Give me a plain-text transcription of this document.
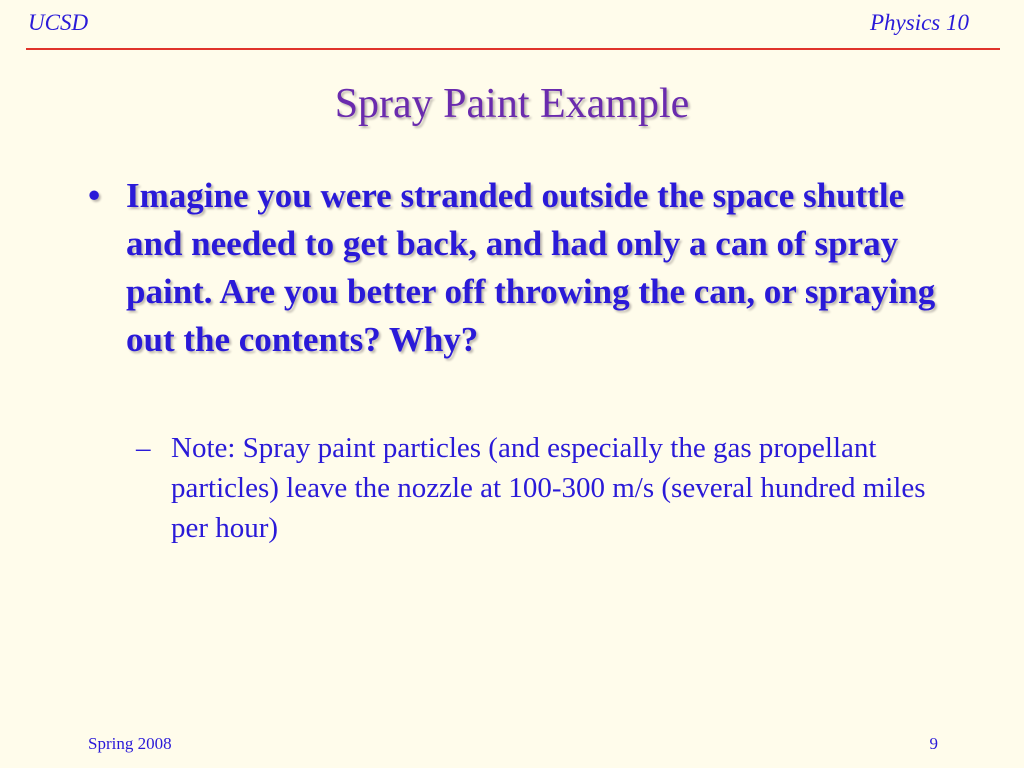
UCSD	Physics 10
Spray Paint Example
• Imagine you were stranded outside the space shuttle and needed to get back, and had only a can of spray paint. Are you better off throwing the can, or spraying out the contents? Why?
– Note: Spray paint particles (and especially the gas propellant particles) leave the nozzle at 100-300 m/s (several hundred miles per hour)
Spring 2008	9
